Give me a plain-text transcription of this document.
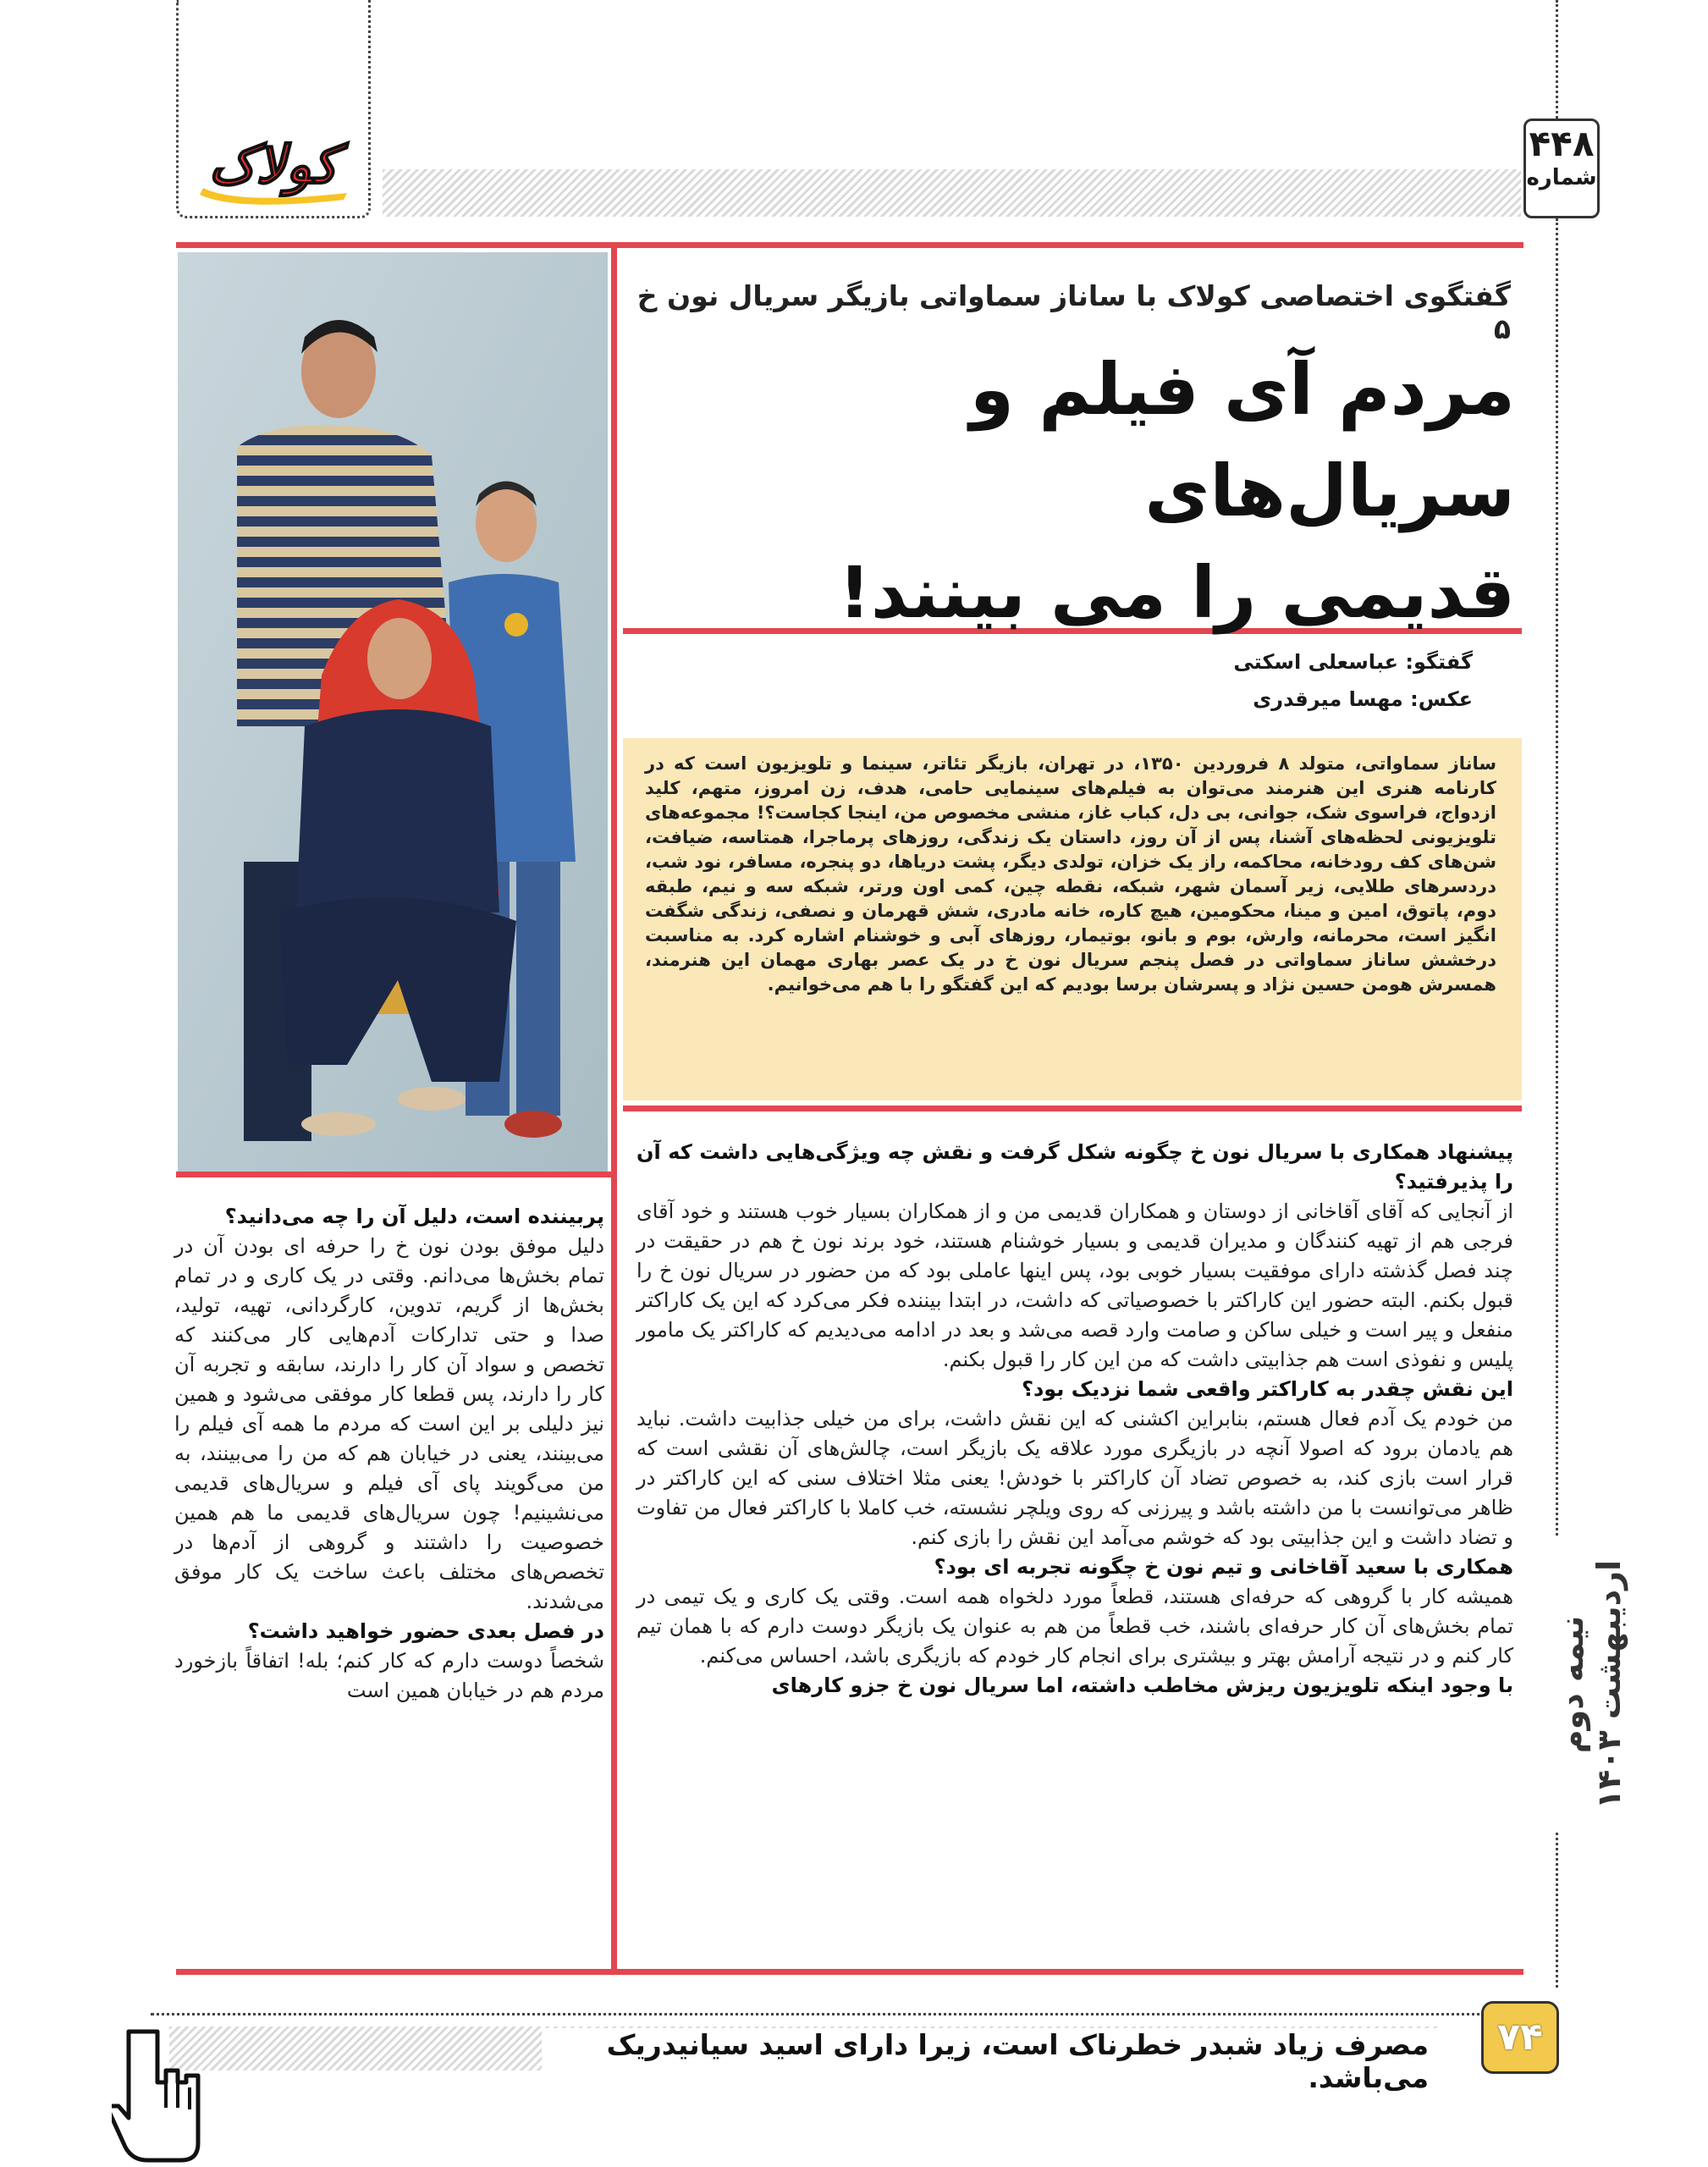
کولاک	۴۴۸
شماره
گفتگوی اختصاصی کولاک با ساناز سماواتی بازیگر سریال نون خ ۵
مردم آی فیلم و سریال‌های
قدیمی را می بینند!
گفتگو: عباسعلی اسکتی
عکس: مهسا میرقدری
ساناز سماواتی، متولد ۸ فروردین ۱۳۵۰، در تهران، بازیگر تئاتر، سینما و تلویزیون است که در کارنامه هنری این هنرمند می‌توان به فیلم‌های سینمایی حامی، هدف، زن امروز، متهم، کلید ازدواج، فراسوی شک، جوانی، بی دل، کباب غاز، منشی مخصوص من، اینجا کجاست؟! مجموعه‌های تلویزیونی لحظه‌های آشنا، پس از آن روز، داستان یک زندگی، روزهای پرماجرا، همتاسه، ضیافت، شن‌های کف رودخانه، محاکمه، راز یک خزان، تولدی دیگر، پشت دریاها، دو پنجره، مسافر، نود شب، دردسرهای طلایی، زیر آسمان شهر، شبکه، نقطه چین، کمی اون ورتر، شبکه سه و نیم، طبقه دوم، پاتوق، امین و مینا، محکومین، هیچ کاره، خانه مادری، شش قهرمان و نصفی، زندگی شگفت انگیز است، محرمانه، وارش، بوم و بانو، بوتیمار، روزهای آبی و خوشنام اشاره کرد. به مناسبت درخشش ساناز سماواتی در فصل پنجم سریال نون خ در یک عصر بهاری مهمان این هنرمند، همسرش هومن حسین نژاد و پسرشان برسا بودیم که این گفتگو را با هم می‌خوانیم.

پیشنهاد همکاری با سریال نون خ چگونه شکل گرفت و نقش چه ویژگی‌هایی داشت که آن را پذیرفتید؟

از آنجایی که آقای آقاخانی از دوستان و همکاران قدیمی من و از همکاران بسیار خوب هستند و خود آقای فرجی هم از تهیه کنندگان و مدیران قدیمی و بسیار خوشنام هستند، خود برند نون خ هم در حقیقت در چند فصل گذشته دارای موفقیت بسیار خوبی بود، پس اینها عاملی بود که من حضور در سریال نون خ را قبول بکنم. البته حضور این کاراکتر با خصوصیاتی که داشت، در ابتدا بیننده فکر می‌کرد که این یک کاراکتر منفعل و پیر است و خیلی ساکن و صامت وارد قصه می‌شد و بعد در ادامه می‌دیدیم که کاراکتر یک مامور پلیس و نفوذی است هم جذابیتی داشت که من این کار را قبول بکنم.

این نقش چقدر به کاراکتر واقعی شما نزدیک بود؟

من خودم یک آدم فعال هستم، بنابراین اکشنی که این نقش داشت، برای من خیلی جذابیت داشت. نباید هم یادمان برود که اصولا آنچه در بازیگری مورد علاقه یک بازیگر است، چالش‌های آن نقشی است که قرار است بازی کند، به خصوص تضاد آن کاراکتر با خودش! یعنی مثلا اختلاف سنی که این کاراکتر در ظاهر می‌توانست با من داشته باشد و پیرزنی که روی ویلچر نشسته، خب کاملا با کاراکتر فعال من تفاوت و تضاد داشت و این جذابیتی بود که خوشم می‌آمد این نقش را بازی کنم.

همکاری با سعید آقاخانی و تیم نون خ چگونه تجربه ای بود؟

همیشه کار با گروهی که حرفه‌ای هستند، قطعاً مورد دلخواه همه است. وقتی یک کاری و یک تیمی در تمام بخش‌های آن کار حرفه‌ای باشند، خب قطعاً من هم به عنوان یک بازیگر دوست دارم که با همان تیم کار کنم و در نتیجه آرامش بهتر و بیشتری برای انجام کار خودم که بازیگری باشد، احساس می‌کنم.

با وجود اینکه تلویزیون ریزش مخاطب داشته، اما سریال نون خ جزو کارهای

پربیننده است، دلیل آن را چه می‌دانید؟

دلیل موفق بودن نون خ را حرفه ای بودن آن در تمام بخش‌ها می‌دانم. وقتی در یک کاری و در تمام بخش‌ها از گریم، تدوین، کارگردانی، تهیه، تولید، صدا و حتی تدارکات آدم‌هایی کار می‌کنند که تخصص و سواد آن کار را دارند، سابقه و تجربه آن کار را دارند، پس قطعا کار موفقی می‌شود و همین نیز دلیلی بر این است که مردم ما همه آی فیلم را می‌بینند، یعنی در خیابان هم که من را می‌بینند، به من می‌گویند پای آی فیلم و سریال‌های قدیمی می‌نشینیم! چون سریال‌های قدیمی ما هم همین خصوصیت را داشتند و گروهی از آدم‌ها در تخصص‌های مختلف باعث ساخت یک کار موفق می‌شدند.

در فصل بعدی حضور خواهید داشت؟

شخصاً دوست دارم که کار کنم؛ بله! اتفاقاً بازخورد مردم هم در خیابان همین است	نیمه دوم اردیبهشت ۱۴۰۳
مصرف زیاد شبدر خطرناک است، زیرا دارای اسید سیانیدریک می‌باشد.
۷۴
